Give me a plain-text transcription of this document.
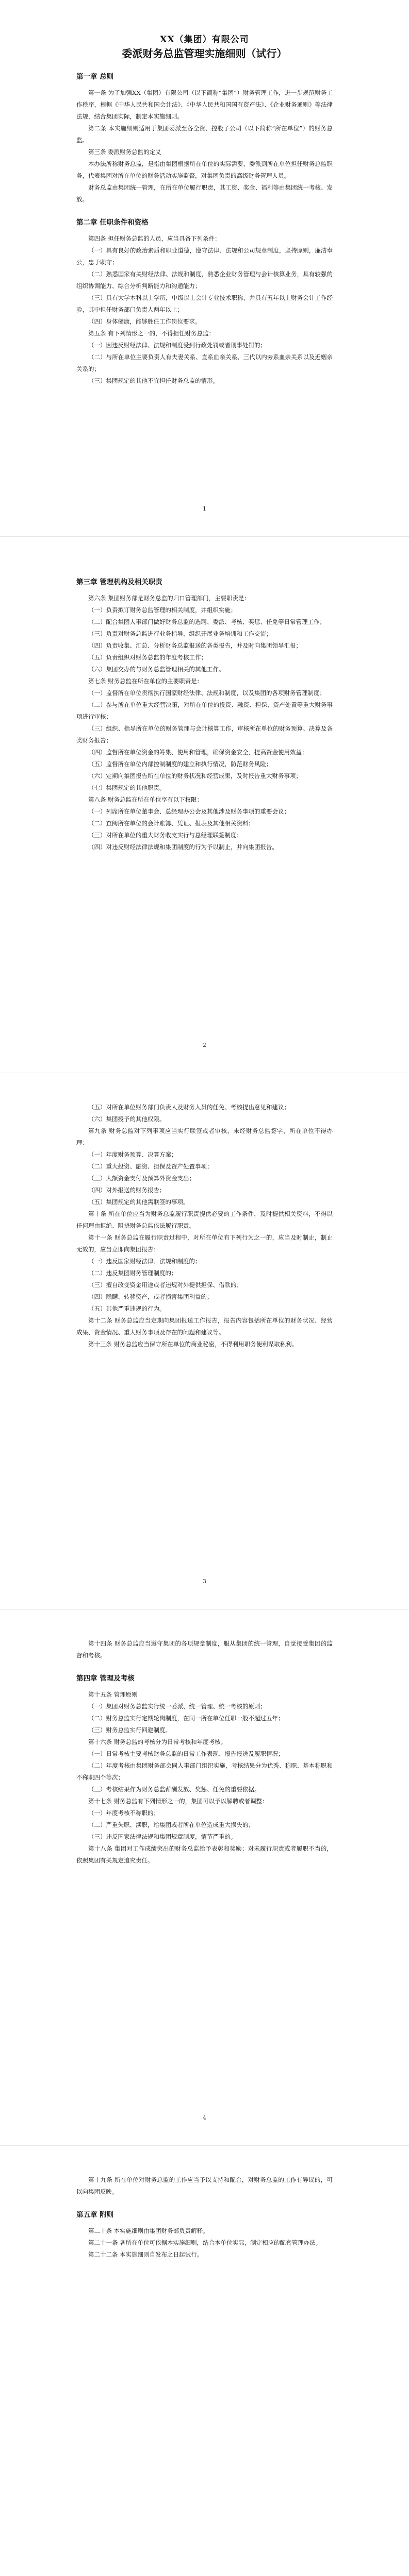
XX（集团）有限公司
委派财务总监管理实施细则（试行）

第一章 总则

第一条 为了加强XX（集团）有限公司（以下简称“集团”）财务管理工作，进一步规范财务工作秩序，根据《中华人民共和国会计法》、《中华人民共和国国有资产法》、《企业财务通则》等法律法规，结合集团实际，制定本实施细则。

第二条 本实施细则适用于集团委派至各全资、控股子公司（以下简称“所在单位”）的财务总监。

第三条 委派财务总监的定义

本办法所称财务总监，是指由集团根据所在单位的实际需要，委派到所在单位担任财务总监职务，代表集团对所在单位的财务活动实施监督，对集团负责的高级财务管理人员。

财务总监由集团统一管理，在所在单位履行职责，其工资、奖金、福利等由集团统一考核、发放。

第二章 任职条件和资格

第四条 担任财务总监的人员，应当具备下列条件：

（一）具有良好的政治素质和职业道德，遵守法律、法规和公司规章制度，坚持原则，廉洁奉公，忠于职守；

（二）熟悉国家有关财经法律、法规和制度，熟悉企业财务管理与会计核算业务，具有较强的组织协调能力、综合分析判断能力和沟通能力；

（三）具有大学本科以上学历，中级以上会计专业技术职称，并具有五年以上财务会计工作经验，其中担任财务部门负责人两年以上；

（四）身体健康，能够胜任工作岗位要求。

第五条 有下列情形之一的，不得担任财务总监：

（一）因违反财经法律、法规和制度受到行政处罚或者刑事处罚的；

（二）与所在单位主要负责人有夫妻关系、直系血亲关系、三代以内旁系血亲关系以及近姻亲关系的；

（三）集团规定的其他不宜担任财务总监的情形。

1

第三章 管理机构及相关职责

第六条 集团财务部是财务总监的归口管理部门，主要职责是：

（一）负责拟订财务总监管理的相关制度，并组织实施；

（二）配合集团人事部门做好财务总监的选聘、委派、考核、奖惩、任免等日常管理工作；

（三）负责对财务总监进行业务指导，组织开展业务培训和工作交流；

（四）负责收集、汇总、分析财务总监报送的各类报告，并及时向集团领导汇报；

（五）负责组织对财务总监的年度考核工作；

（六）集团交办的与财务总监管理相关的其他工作。

第七条 财务总监在所在单位的主要职责是：

（一）监督所在单位贯彻执行国家财经法律、法规和制度，以及集团的各项财务管理制度；

（二）参与所在单位重大经营决策，对所在单位的投资、融资、担保、资产处置等重大财务事项进行审核；

（三）组织、指导所在单位的财务管理与会计核算工作，审核所在单位的财务预算、决算及各类财务报告；

（四）监督所在单位资金的筹集、使用和管理，确保资金安全，提高资金使用效益；

（五）监督所在单位内部控制制度的建立和执行情况，防范财务风险；

（六）定期向集团报告所在单位的财务状况和经营成果，及时报告重大财务事项；

（七）集团规定的其他职责。

第八条 财务总监在所在单位享有以下权限：

（一）列席所在单位董事会、总经理办公会及其他涉及财务事项的重要会议；

（二）查阅所在单位的会计账簿、凭证、报表及其他相关资料；

（三）对所在单位的重大财务收支实行与总经理联签制度；

（四）对违反财经法律法规和集团制度的行为予以制止，并向集团报告。

2

（五）对所在单位财务部门负责人及财务人员的任免、考核提出意见和建议；

（六）集团授予的其他权限。

第九条 财务总监对下列事项应当实行联签或者审核，未经财务总监签字，所在单位不得办理：

（一）年度财务预算、决算方案；

（二）重大投资、融资、担保及资产处置事项；

（三）大额资金支付及预算外资金支出；

（四）对外报送的财务报告；

（五）集团规定的其他需联签的事项。

第十条 所在单位应当为财务总监履行职责提供必要的工作条件，及时提供相关资料，不得以任何理由拒绝、阻挠财务总监依法履行职责。

第十一条 财务总监在履行职责过程中，对所在单位有下列行为之一的，应当及时制止，制止无效的，应当立即向集团报告：

（一）违反国家财经法律、法规和制度的；

（二）违反集团财务管理制度的；

（三）擅自改变资金用途或者违规对外提供担保、借款的；

（四）隐瞒、转移资产，或者损害集团利益的；

（五）其他严重违规的行为。

第十二条 财务总监应当定期向集团报送工作报告，报告内容包括所在单位的财务状况、经营成果、资金情况、重大财务事项及存在的问题和建议等。

第十三条 财务总监应当保守所在单位的商业秘密，不得利用职务便利谋取私利。

3

第十四条 财务总监应当遵守集团的各项规章制度，服从集团的统一管理，自觉接受集团的监督和考核。

第四章 管理及考核

第十五条 管理原则

（一）集团对财务总监实行统一委派、统一管理、统一考核的原则；

（二）财务总监实行定期轮岗制度，在同一所在单位任职一般不超过五年；

（三）财务总监实行回避制度。

第十六条 财务总监的考核分为日常考核和年度考核。

（一）日常考核主要考核财务总监的日常工作表现、报告报送及履职情况；

（二）年度考核由集团财务部会同人事部门组织实施，考核结果分为优秀、称职、基本称职和不称职四个等次；

（三）考核结果作为财务总监薪酬发放、奖惩、任免的重要依据。

第十七条 财务总监有下列情形之一的，集团可以予以解聘或者调整：

（一）年度考核不称职的；

（二）严重失职、渎职，给集团或者所在单位造成重大损失的；

（三）违反国家法律法规和集团规章制度，情节严重的。

第十八条 集团对工作成绩突出的财务总监给予表彰和奖励；对未履行职责或者履职不当的，依照集团有关规定追究责任。

4

第十九条 所在单位对财务总监的工作应当予以支持和配合，对财务总监的工作有异议的，可以向集团反映。

第五章 附则

第二十条 本实施细则由集团财务部负责解释。

第二十一条 各所在单位可依据本实施细则，结合本单位实际，制定相应的配套管理办法。

第二十二条 本实施细则自发布之日起试行。
